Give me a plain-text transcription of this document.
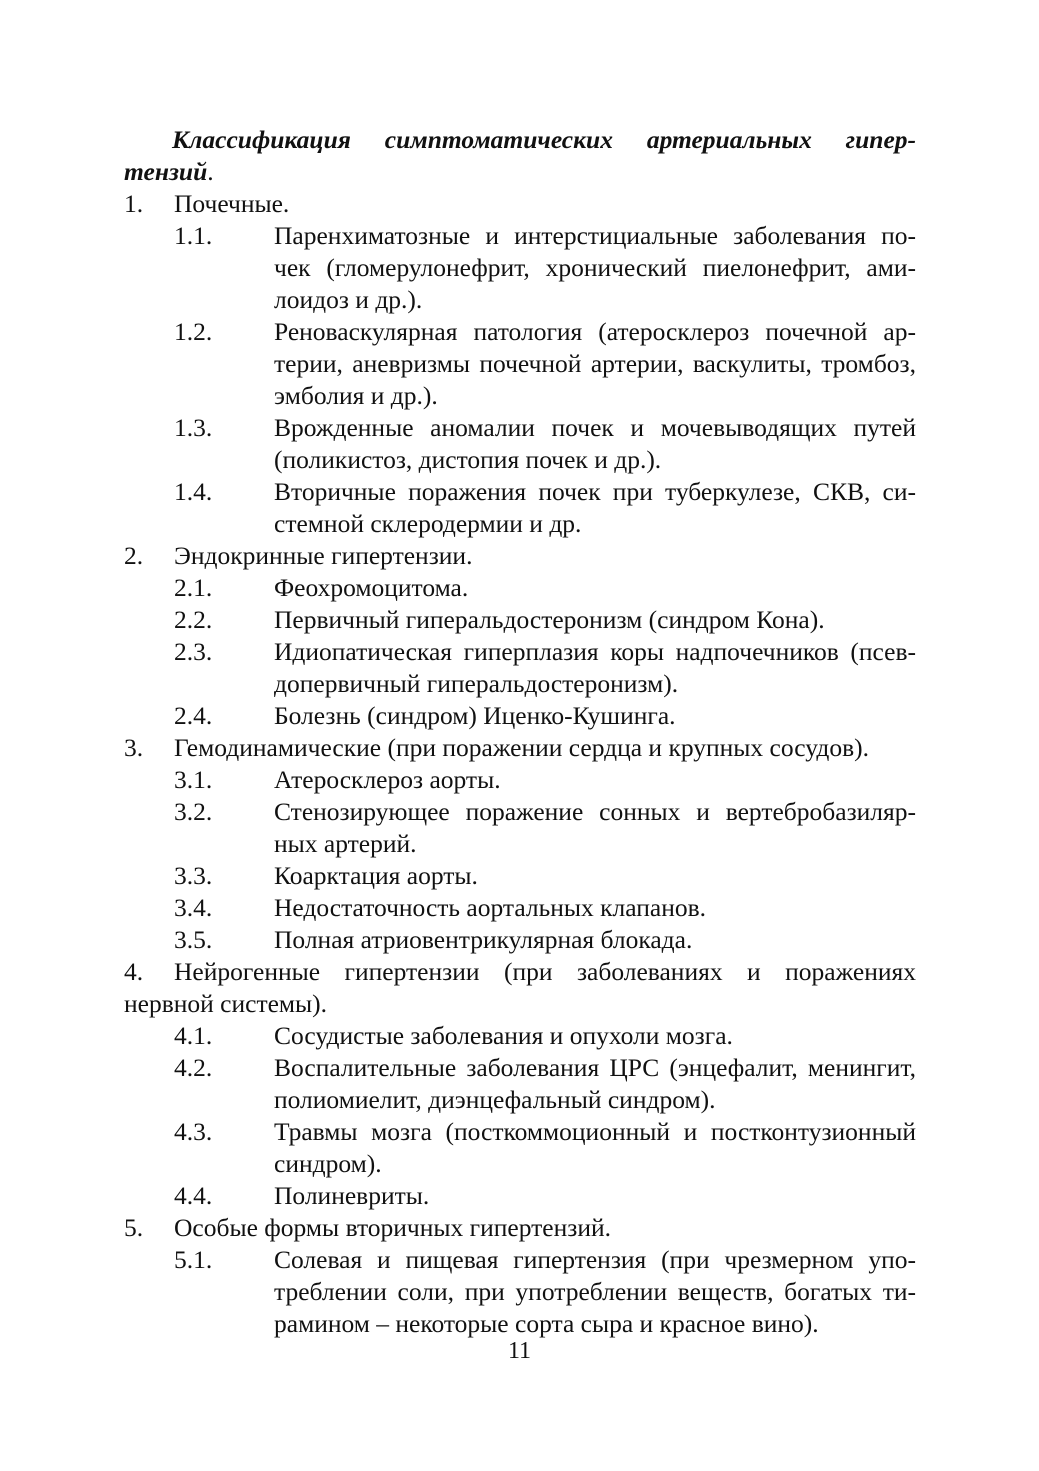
Классификация симптоматических артериальных гипер-

тензий.

1. Почечные.
1.1. Паренхиматозные и интерстициальные заболевания по-
чек (гломерулонефрит, хронический пиелонефрит, ами-
лоидоз и др.).
1.2. Реноваскулярная патология (атеросклероз почечной ар-
терии, аневризмы почечной артерии, васкулиты, тромбоз,
эмболия и др.).
1.3. Врожденные аномалии почек и мочевыводящих путей
(поликистоз, дистопия почек и др.).
1.4. Вторичные поражения почек при туберкулезе, СКВ, си-
стемной склеродермии и др.
2. Эндокринные гипертензии.
2.1. Феохромоцитома.
2.2. Первичный гиперальдостеронизм (синдром Кона).
2.3. Идиопатическая гиперплазия коры надпочечников (псев-
допервичный гиперальдостеронизм).
2.4. Болезнь (синдром) Иценко-Кушинга.
3. Гемодинамические (при поражении сердца и крупных сосудов).
3.1. Атеросклероз аорты.
3.2. Стенозирующее поражение сонных и вертебробазиляр-
ных артерий.
3.3. Коарктация аорты.
3.4. Недостаточность аортальных клапанов.
3.5. Полная атриовентрикулярная блокада.
4. Нейрогенные гипертензии (при заболеваниях и поражениях
нервной системы).
4.1. Сосудистые заболевания и опухоли мозга.
4.2. Воспалительные заболевания ЦРС (энцефалит, менингит,
полиомиелит, диэнцефальный синдром).
4.3. Травмы мозга (посткоммоционный и постконтузионный
синдром).
4.4. Полиневриты.
5. Особые формы вторичных гипертензий.
5.1. Солевая и пищевая гипертензия (при чрезмерном упо-
треблении соли, при употреблении веществ, богатых ти-
рамином – некоторые сорта сыра и красное вино).
11
